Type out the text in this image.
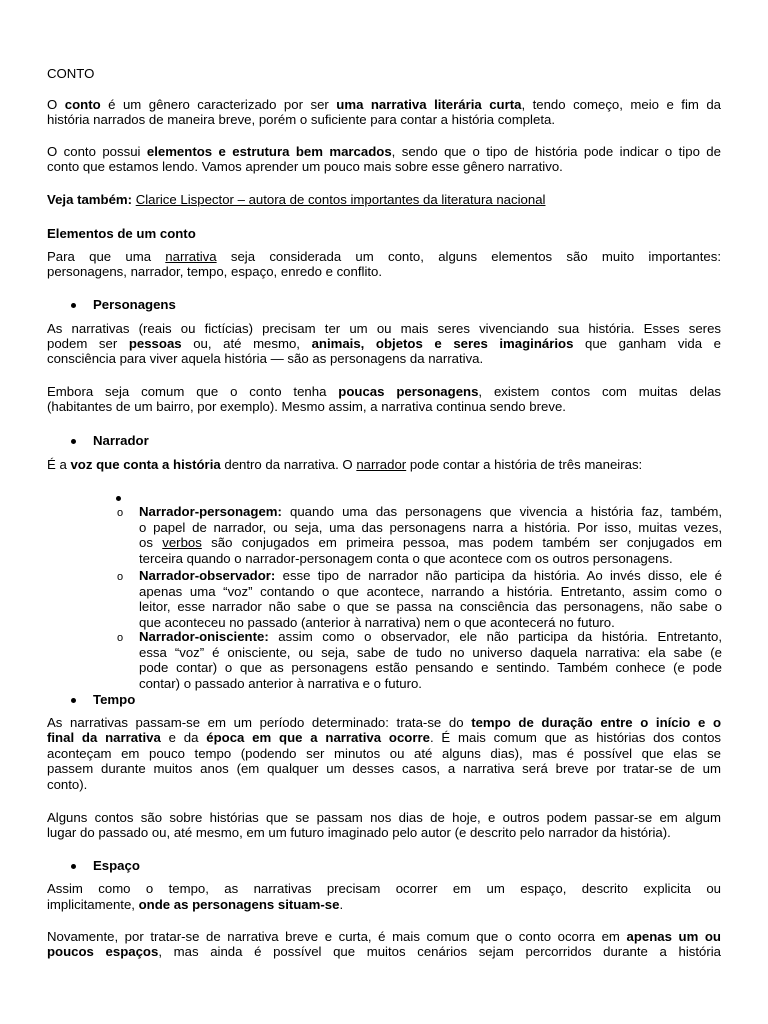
CONTO

O conto é um gênero caracterizado por ser uma narrativa literária curta, tendo começo, meio e fim da

história narrados de maneira breve, porém o suficiente para contar a história completa.

O conto possui elementos e estrutura bem marcados, sendo que o tipo de história pode indicar o tipo de

conto que estamos lendo. Vamos aprender um pouco mais sobre esse gênero narrativo.

Veja também: Clarice Lispector – autora de contos importantes da literatura nacional

Elementos de um conto

Para que uma narrativa seja considerada um conto, alguns elementos são muito importantes:

personagens, narrador, tempo, espaço, enredo e conflito.

Personagens

As narrativas (reais ou fictícias) precisam ter um ou mais seres vivenciando sua história. Esses seres

podem ser pessoas ou, até mesmo, animais, objetos e seres imaginários que ganham vida e

consciência para viver aquela história — são as personagens da narrativa.

Embora seja comum que o conto tenha poucas personagens, existem contos com muitas delas

(habitantes de um bairro, por exemplo). Mesmo assim, a narrativa continua sendo breve.

Narrador

É a voz que conta a história dentro da narrativa. O narrador pode contar a história de três maneiras:

o Narrador-personagem: quando uma das personagens que vivencia a história faz, também,
o papel de narrador, ou seja, uma das personagens narra a história. Por isso, muitas vezes,
os verbos são conjugados em primeira pessoa, mas podem também ser conjugados em
terceira quando o narrador-personagem conta o que acontece com os outros personagens.
o Narrador-observador: esse tipo de narrador não participa da história. Ao invés disso, ele é
apenas uma “voz” contando o que acontece, narrando a história. Entretanto, assim como o
leitor, esse narrador não sabe o que se passa na consciência das personagens, não sabe o
que aconteceu no passado (anterior à narrativa) nem o que acontecerá no futuro.
o Narrador-onisciente: assim como o observador, ele não participa da história. Entretanto,
essa “voz” é onisciente, ou seja, sabe de tudo no universo daquela narrativa: ela sabe (e
pode contar) o que as personagens estão pensando e sentindo. Também conhece (e pode
contar) o passado anterior à narrativa e o futuro.
Tempo

As narrativas passam-se em um período determinado: trata-se do tempo de duração entre o início e o

final da narrativa e da época em que a narrativa ocorre. É mais comum que as histórias dos contos

aconteçam em pouco tempo (podendo ser minutos ou até alguns dias), mas é possível que elas se

passem durante muitos anos (em qualquer um desses casos, a narrativa será breve por tratar-se de um

conto).

Alguns contos são sobre histórias que se passam nos dias de hoje, e outros podem passar-se em algum

lugar do passado ou, até mesmo, em um futuro imaginado pelo autor (e descrito pelo narrador da história).

Espaço

Assim como o tempo, as narrativas precisam ocorrer em um espaço, descrito explicita ou

implicitamente, onde as personagens situam-se.

Novamente, por tratar-se de narrativa breve e curta, é mais comum que o conto ocorra em apenas um ou

poucos espaços, mas ainda é possível que muitos cenários sejam percorridos durante a história
